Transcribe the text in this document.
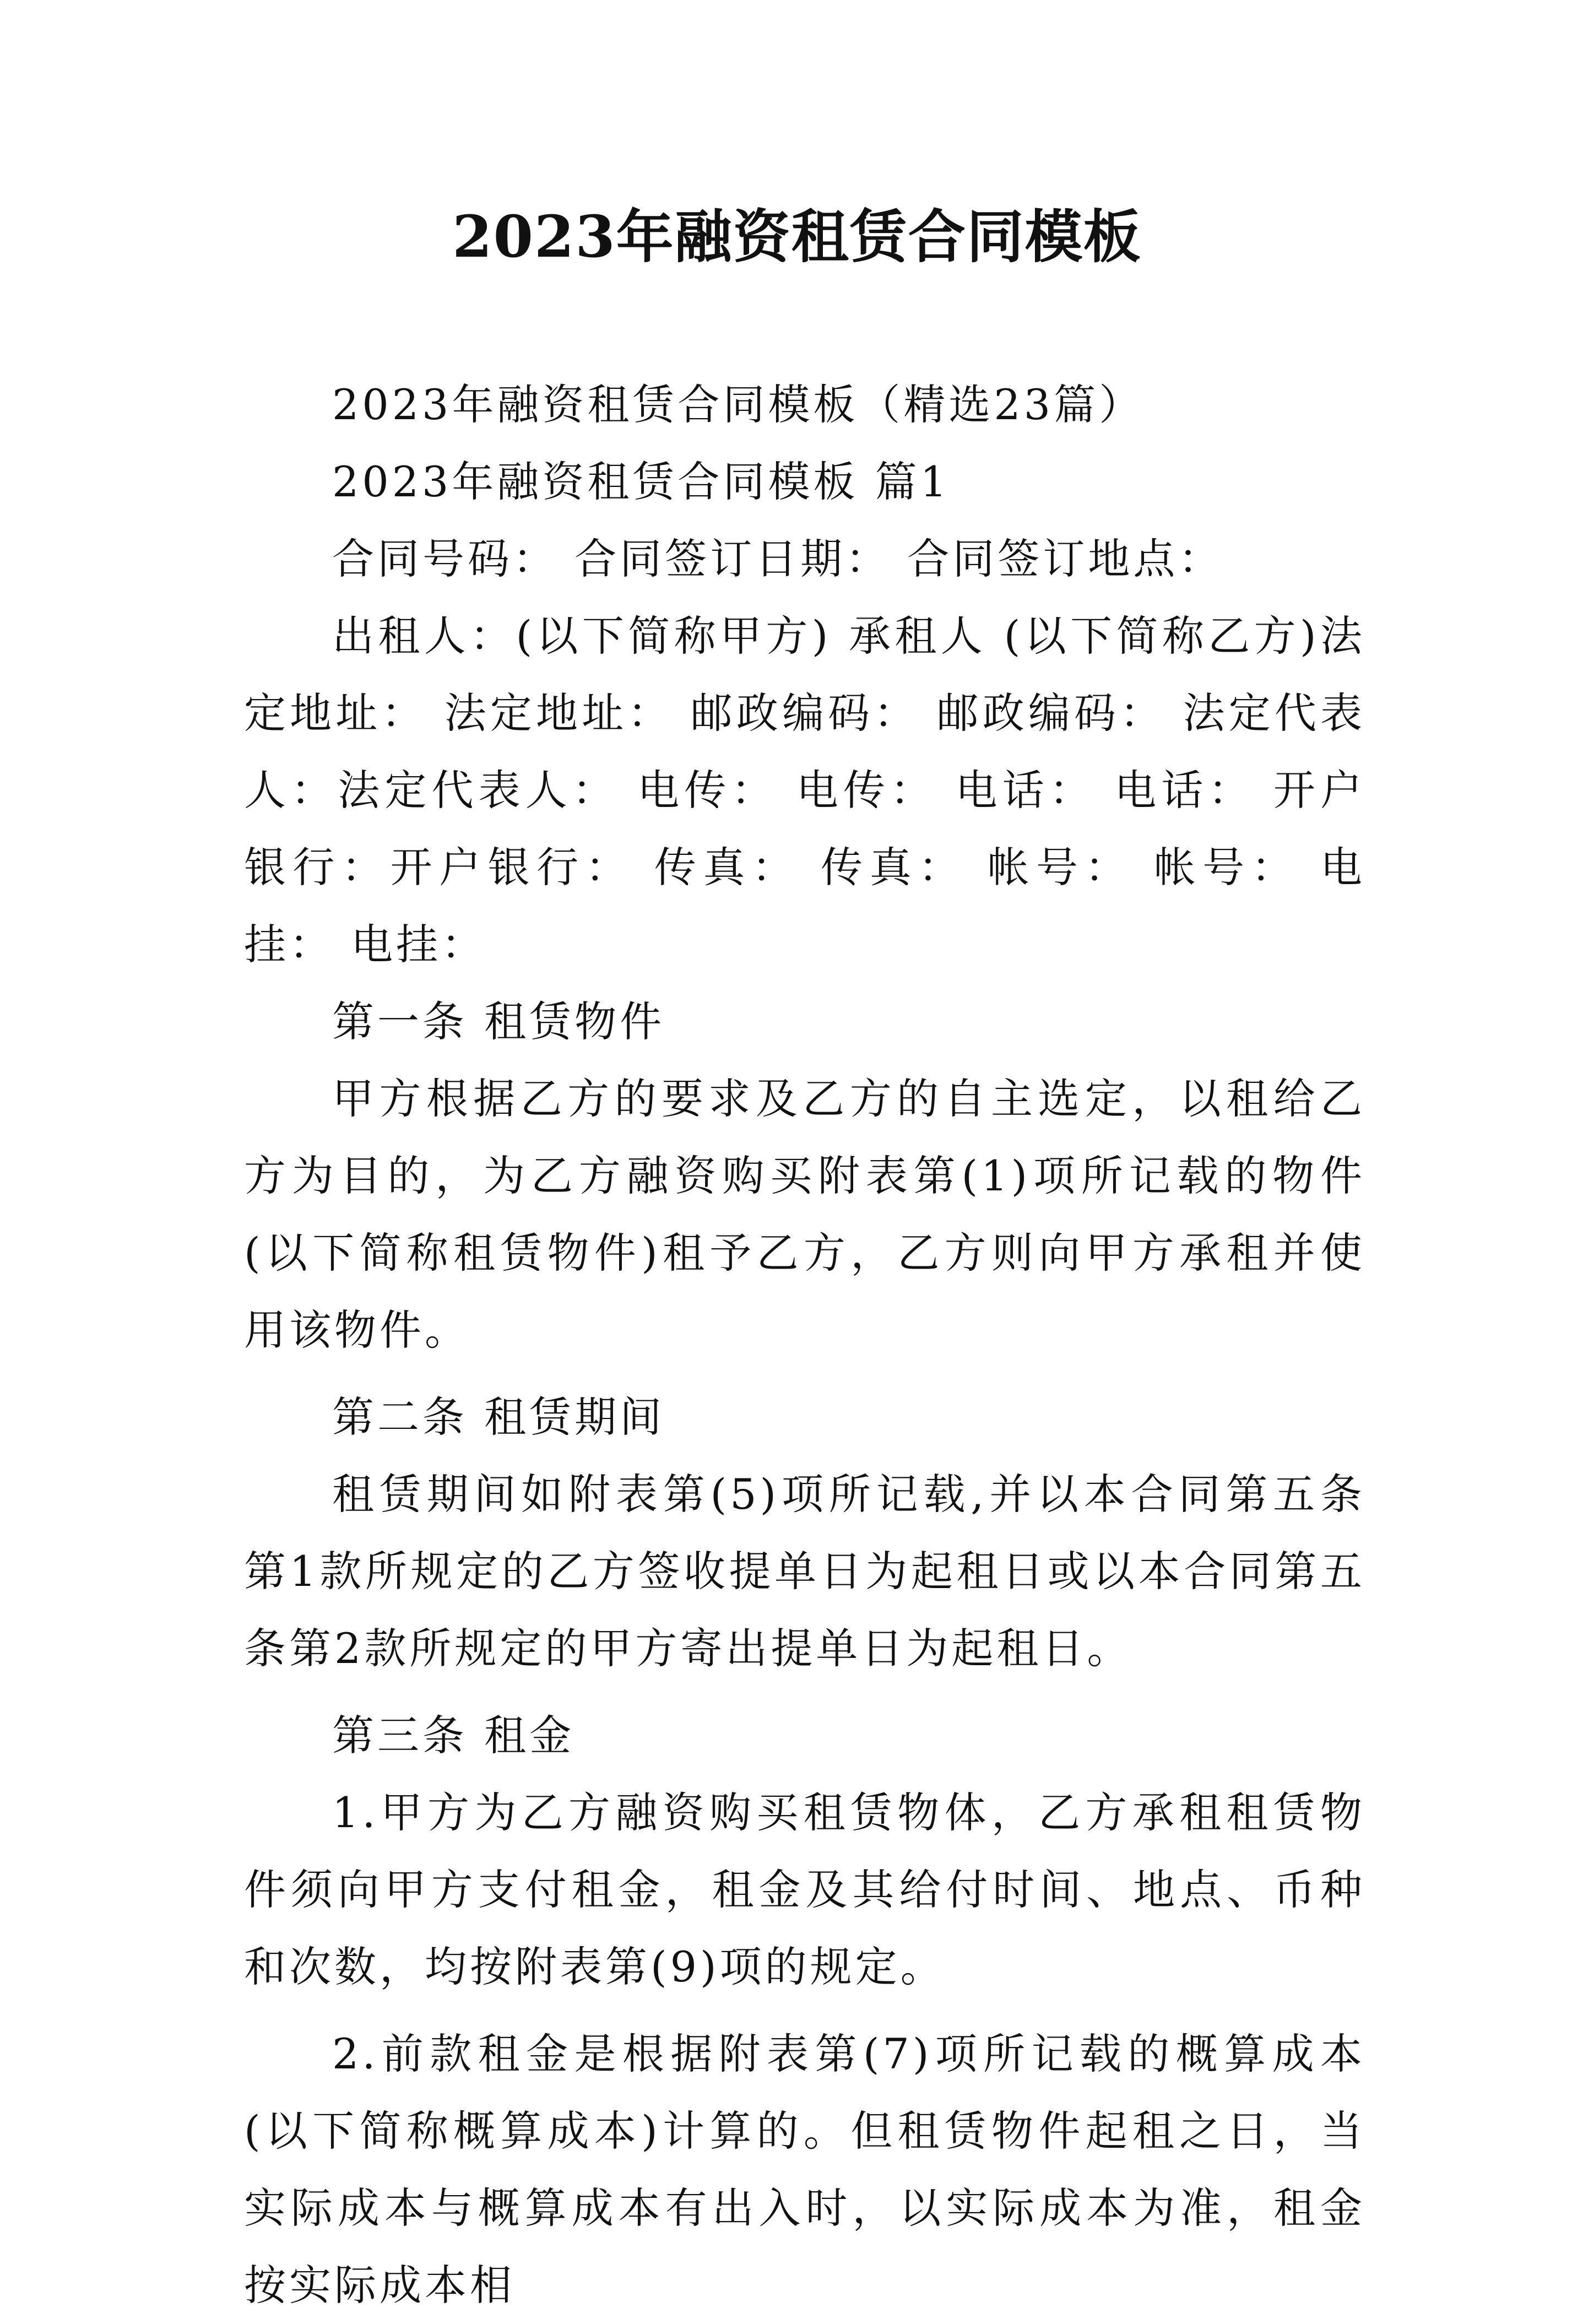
2023年融资租赁合同模板

2023年融资租赁合同模板（精选23篇）

2023年融资租赁合同模板 篇1

合同号码： 合同签订日期： 合同签订地点：

出租人：(以下简称甲方) 承租人 (以下简称乙方)法定地址： 法定地址： 邮政编码： 邮政编码： 法定代表人：法定代表人： 电传： 电传： 电话： 电话： 开户银行：开户银行： 传真： 传真： 帐号： 帐号： 电挂： 电挂：

第一条 租赁物件

甲方根据乙方的要求及乙方的自主选定，以租给乙方为目的，为乙方融资购买附表第(1)项所记载的物件(以下简称租赁物件)租予乙方，乙方则向甲方承租并使用该物件。

第二条 租赁期间

租赁期间如附表第(5)项所记载,并以本合同第五条第1款所规定的乙方签收提单日为起租日或以本合同第五条第2款所规定的甲方寄出提单日为起租日。

第三条 租金

1.甲方为乙方融资购买租赁物体，乙方承租租赁物件须向甲方支付租金，租金及其给付时间、地点、币种和次数，均按附表第(9)项的规定。

2.前款租金是根据附表第(7)项所记载的概算成本(以下简称概算成本)计算的。但租赁物件起租之日，当实际成本与概算成本有出入时，以实际成本为准，租金按实际成本相
